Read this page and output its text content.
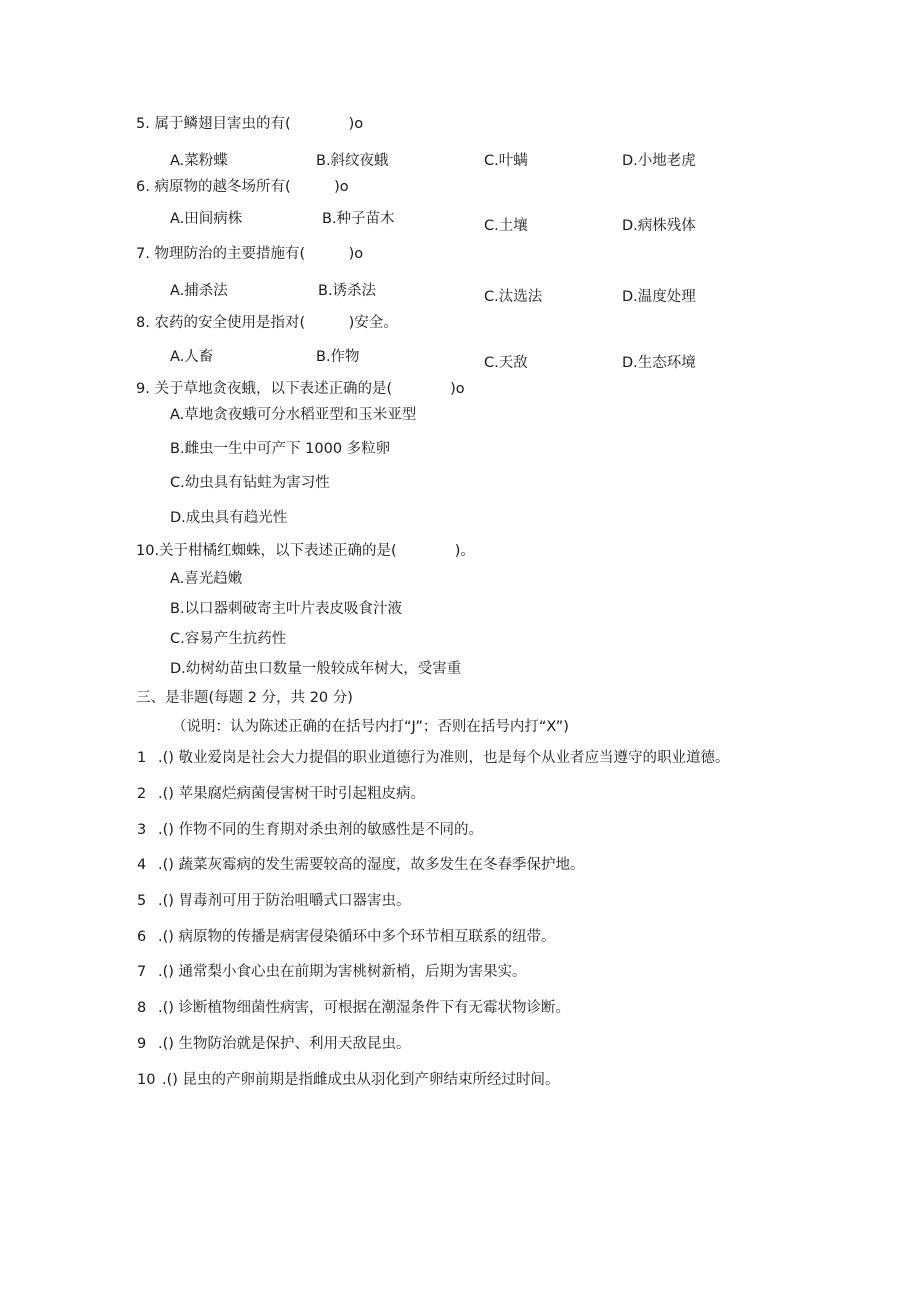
5. 属于鳞翅目害虫的有(　　　　)o
A.菜粉蝶	B.斜纹夜蛾	C.叶螨	D.小地老虎
6. 病原物的越冬场所有(　　　)o
A.田间病株	B.种子苗木	C.土壤	D.病株残体
7. 物理防治的主要措施有(　　　)o
A.捕杀法	B.诱杀法	C.汰选法	D.温度处理
8. 农药的安全使用是指对(　　　)安全。
A.人畜	B.作物	C.天敌	D.生态环境
9. 关于草地贪夜蛾，以下表述正确的是(　　　　)o
A.草地贪夜蛾可分水稻亚型和玉米亚型
B.雌虫一生中可产下 1000 多粒卵
C.幼虫具有钻蛀为害习性
D.成虫具有趋光性
10.关于柑橘红蜘蛛，以下表述正确的是(　　　　)。
A.喜光趋嫩
B.以口器刺破寄主叶片表皮吸食汁液
C.容易产生抗药性
D.幼树幼苗虫口数量一般较成年树大，受害重
三、是非题(每题 2 分，共 20 分)
（说明：认为陈述正确的在括号内打“J”；否则在括号内打“X”)
1 .() 敬业爱岗是社会大力提倡的职业道德行为准则，也是每个从业者应当遵守的职业道德。
2 .() 苹果腐烂病菌侵害树干时引起粗皮病。
3 .() 作物不同的生育期对杀虫剂的敏感性是不同的。
4 .() 蔬菜灰霉病的发生需要较高的湿度，故多发生在冬春季保护地。
5 .() 胃毒剂可用于防治咀嚼式口器害虫。
6 .() 病原物的传播是病害侵染循环中多个环节相互联系的纽带。
7 .() 通常梨小食心虫在前期为害桃树新梢，后期为害果实。
8 .() 诊断植物细菌性病害，可根据在潮湿条件下有无霉状物诊断。
9 .() 生物防治就是保护、利用天敌昆虫。
10 .() 昆虫的产卵前期是指雌成虫从羽化到产卵结束所经过时间。
